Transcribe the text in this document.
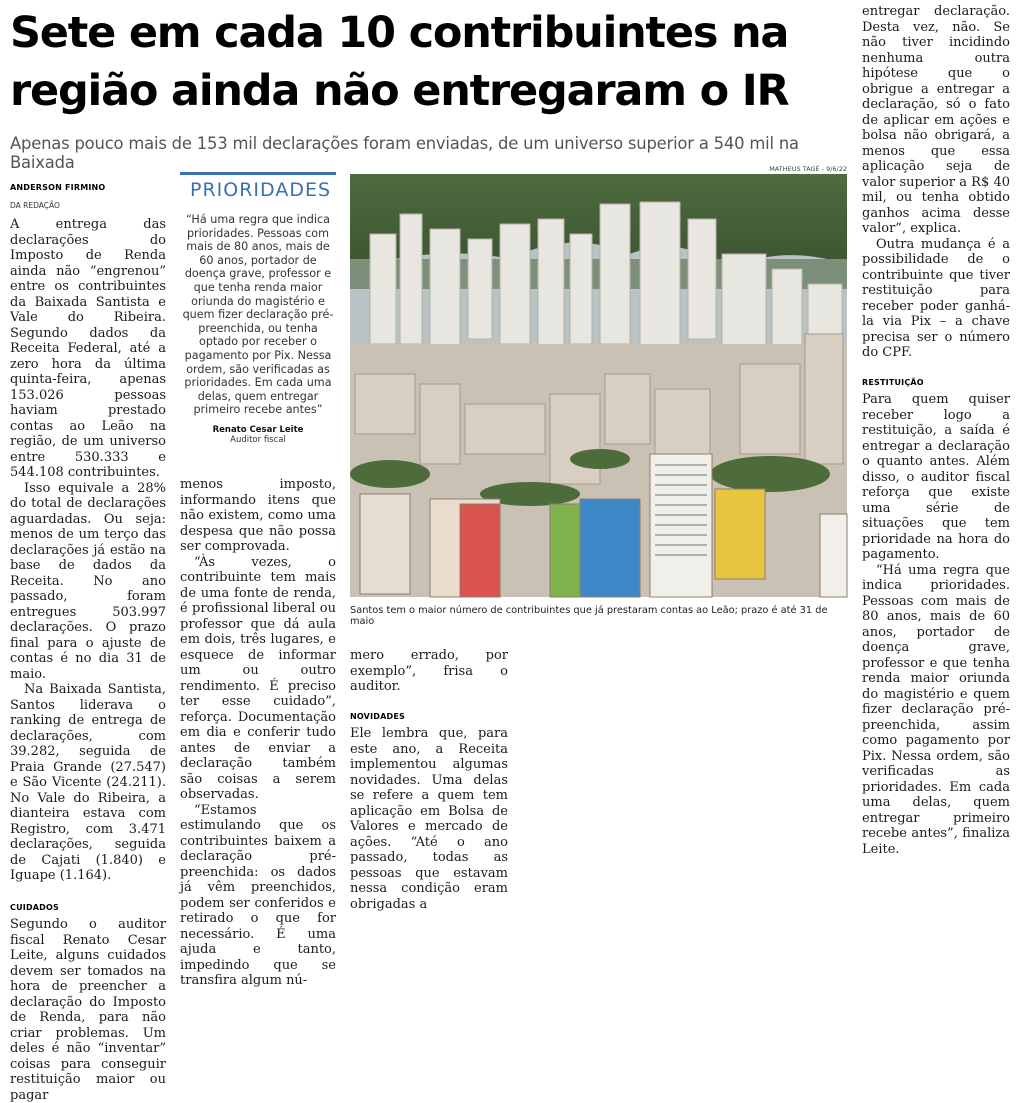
Sete em cada 10 contribuintes na região ainda não entregaram o IR
Apenas pouco mais de 153 mil declarações foram enviadas, de um universo superior a 540 mil na Baixada
ANDERSON FIRMINO
DA REDAÇÃO

A entrega das declarações do Imposto de Renda ainda não “engrenou” entre os contribuintes da Baixada Santista e Vale do Ribeira. Segundo dados da Receita Federal, até a zero hora da última quinta-feira, apenas 153.026 pessoas haviam prestado contas ao Leão na região, de um universo entre 530.333 e 544.108 contribuintes.

Isso equivale a 28% do total de declarações aguardadas. Ou seja: menos de um terço das declarações já estão na base de dados da Receita. No ano passado, foram entregues 503.997 declarações. O prazo final para o ajuste de contas é no dia 31 de maio.

Na Baixada Santista, Santos liderava o ranking de entrega de declarações, com 39.282, seguida de Praia Grande (27.547) e São Vicente (24.211). No Vale do Ribeira, a dianteira estava com Registro, com 3.471 declarações, seguida de Cajati (1.840) e Iguape (1.164).

CUIDADOS

Segundo o auditor fiscal Renato Cesar Leite, alguns cuidados devem ser tomados na hora de preencher a declaração do Imposto de Renda, para não criar problemas. Um deles é não “inventar” coisas para conseguir restituição maior ou pagar

PRIORIDADES
“Há uma regra que indica prioridades. Pessoas com mais de 80 anos, mais de 60 anos, portador de doença grave, professor e que tenha renda maior oriunda do magistério e quem fizer declaração pré-preenchida, ou tenha optado por receber o pagamento por Pix. Nessa ordem, são verificadas as prioridades. Em cada uma delas, quem entregar primeiro recebe antes”
Renato Cesar Leite
Auditor fiscal

menos imposto, informando itens que não existem, como uma despesa que não possa ser comprovada.

“Às vezes, o contribuinte tem mais de uma fonte de renda, é profissional liberal ou professor que dá aula em dois, três lugares, e esquece de informar um ou outro rendimento. É preciso ter esse cuidado”, reforça. Documentação em dia e conferir tudo antes de enviar a declaração também são coisas a serem observadas.

“Estamos estimulando que os contribuintes baixem a declaração pré-preenchida: os dados já vêm preenchidos, podem ser conferidos e retirado o que for necessário. É uma ajuda e tanto, impedindo que se transfira algum nú-

MATHEUS TAGÉ - 9/6/22
Santos tem o maior número de contribuintes que já prestaram contas ao Leão; prazo é até 31 de maio

mero errado, por exemplo”, frisa o auditor.

NOVIDADES

Ele lembra que, para este ano, a Receita implementou algumas novidades. Uma delas se refere a quem tem aplicação em Bolsa de Valores e mercado de ações. “Até o ano passado, todas as pessoas que estavam nessa condição eram obrigadas a

entregar declaração. Desta vez, não. Se não tiver incidindo nenhuma outra hipótese que o obrigue a entregar a declaração, só o fato de aplicar em ações e bolsa não obrigará, a menos que essa aplicação seja de valor superior a R$ 40 mil, ou tenha obtido ganhos acima desse valor”, explica.

Outra mudança é a possibilidade de o contribuinte que tiver restituição para receber poder ganhá-la via Pix – a chave precisa ser o número do CPF.

RESTITUIÇÃO

Para quem quiser receber logo a restituição, a saída é entregar a declaração o quanto antes. Além disso, o auditor fiscal reforça que existe uma série de situações que tem prioridade na hora do pagamento.

“Há uma regra que indica prioridades. Pessoas com mais de 80 anos, mais de 60 anos, portador de doença grave, professor e que tenha renda maior oriunda do magistério e quem fizer declaração pré-preenchida, assim como pagamento por Pix. Nessa ordem, são verificadas as prioridades. Em cada uma delas, quem entregar primeiro recebe antes”, finaliza Leite.
